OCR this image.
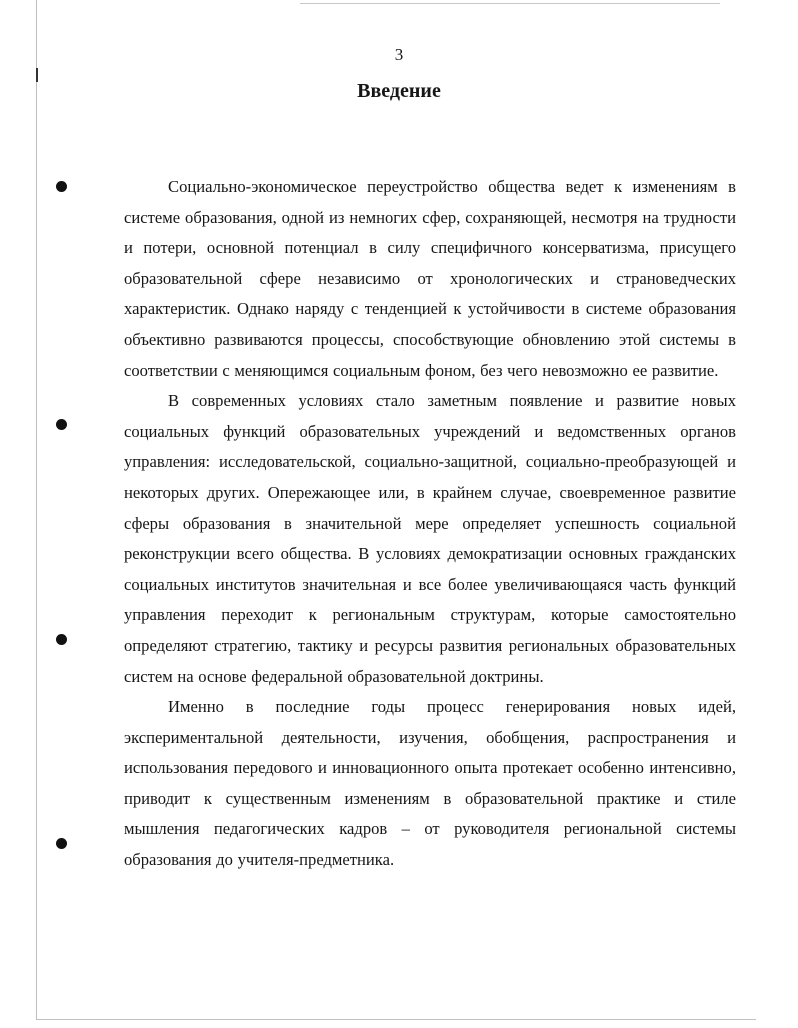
3
Введение

Социально-экономическое переустройство общества ведет к изменениям в системе образования, одной из немногих сфер, сохраняющей, несмотря на трудности и потери, основной потенциал в силу специфичного консерватизма, присущего образовательной сфере независимо от хронологических и страноведческих характеристик. Однако наряду с тенденцией к устойчивости в системе образования объективно развиваются процессы, способствующие обновлению этой системы в соответствии с меняющимся социальным фоном, без чего невозможно ее развитие.

В современных условиях стало заметным появление и развитие новых социальных функций образовательных учреждений и ведомственных органов управления: исследовательской, социально-защитной, социально-преобразующей и некоторых других. Опережающее или, в крайнем случае, своевременное развитие сферы образования в значительной мере определяет успешность социальной реконструкции всего общества. В условиях демократизации основных гражданских социальных институтов значительная и все более увеличивающаяся часть функций управления переходит к региональным структурам, которые самостоятельно определяют стратегию, тактику и ресурсы развития региональных образовательных систем на основе федеральной образовательной доктрины.

Именно в последние годы процесс генерирования новых идей, экспериментальной деятельности, изучения, обобщения, распространения и использования передового и инновационного опыта протекает особенно интенсивно, приводит к существенным изменениям в образовательной практике и стиле мышления педагогических кадров – от руководителя региональной системы образования до учителя-предметника.
